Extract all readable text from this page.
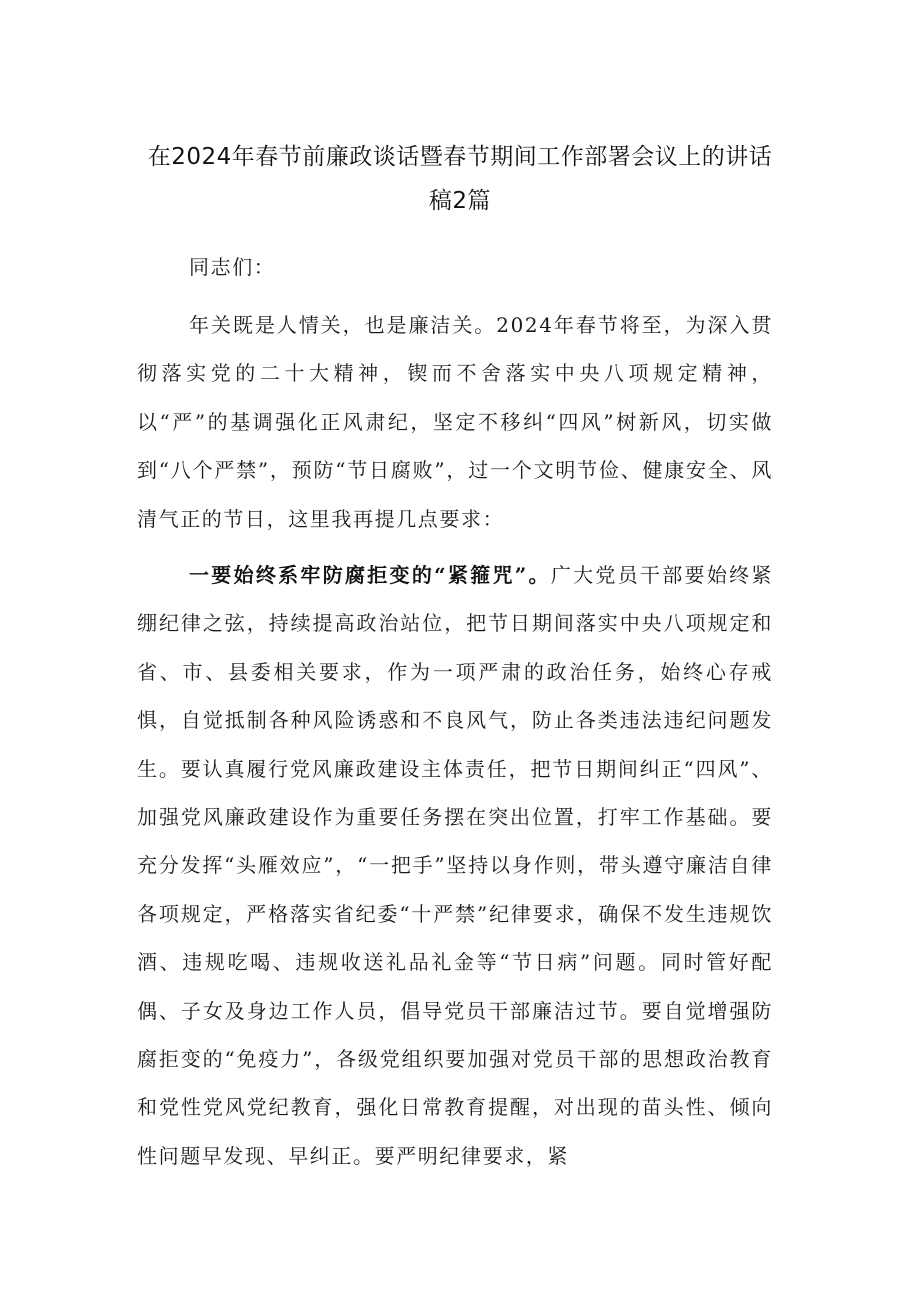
在2024年春节前廉政谈话暨春节期间工作部署会议上的讲话稿2篇

同志们：

年关既是人情关，也是廉洁关。2024年春节将至，为深入贯彻落实党的二十大精神，锲而不舍落实中央八项规定精神，以“严”的基调强化正风肃纪，坚定不移纠“四风”树新风，切实做到“八个严禁”，预防“节日腐败”，过一个文明节俭、健康安全、风清气正的节日，这里我再提几点要求：

一要始终系牢防腐拒变的“紧箍咒”。广大党员干部要始终紧绷纪律之弦，持续提高政治站位，把节日期间落实中央八项规定和省、市、县委相关要求，作为一项严肃的政治任务，始终心存戒惧，自觉抵制各种风险诱惑和不良风气，防止各类违法违纪问题发生。要认真履行党风廉政建设主体责任，把节日期间纠正“四风”、加强党风廉政建设作为重要任务摆在突出位置，打牢工作基础。要充分发挥“头雁效应”，“一把手”坚持以身作则，带头遵守廉洁自律各项规定，严格落实省纪委“十严禁”纪律要求，确保不发生违规饮酒、违规吃喝、违规收送礼品礼金等“节日病”问题。同时管好配偶、子女及身边工作人员，倡导党员干部廉洁过节。要自觉增强防腐拒变的“免疫力”，各级党组织要加强对党员干部的思想政治教育和党性党风党纪教育，强化日常教育提醒，对出现的苗头性、倾向性问题早发现、早纠正。要严明纪律要求，紧
